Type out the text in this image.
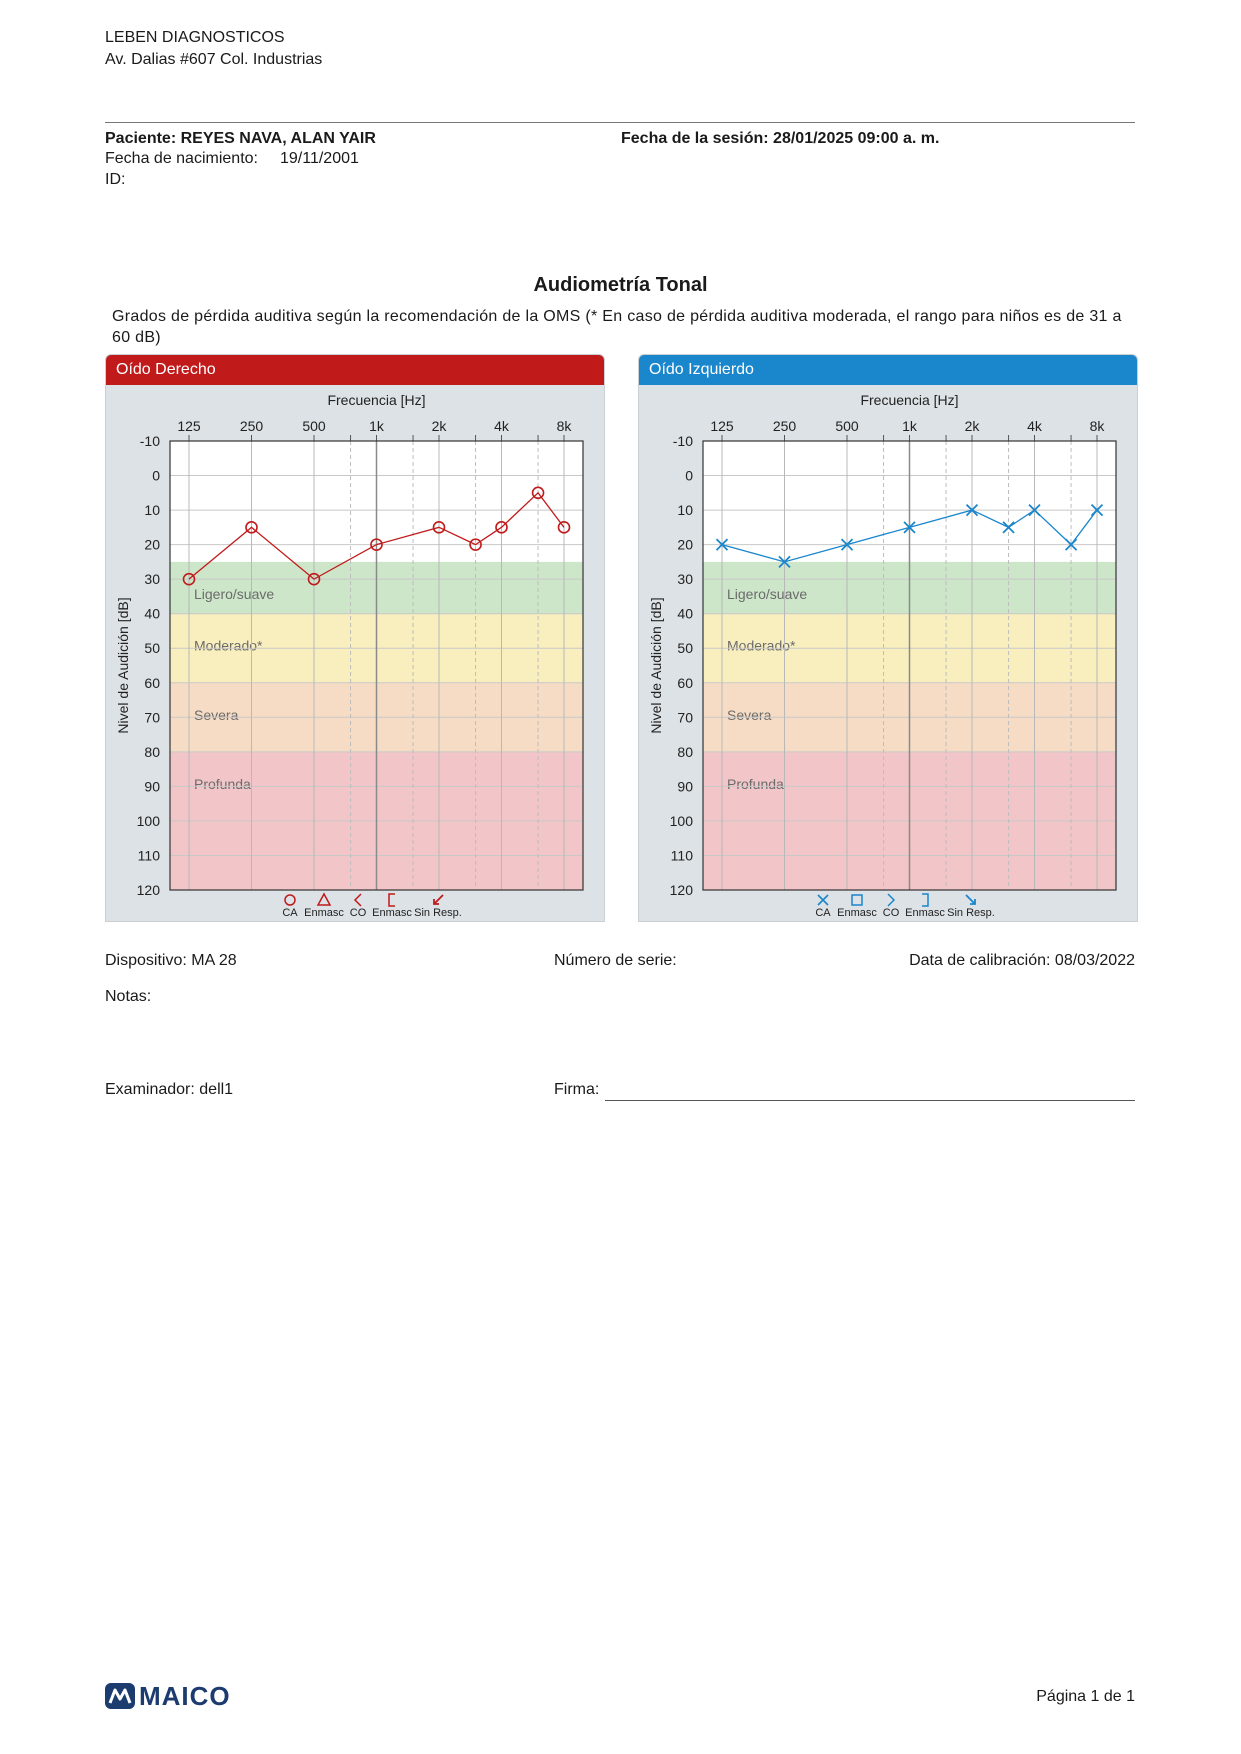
LEBEN DIAGNOSTICOS
Av. Dalias #607 Col. Industrias
Paciente: REYES NAVA, ALAN YAIR	Fecha de la sesión: 28/01/2025 09:00 a. m.
Fecha de nacimiento: 19/11/2001
ID:
Audiometría Tonal
Grados de pérdida auditiva según la recomendación de la OMS (* En caso de pérdida auditiva moderada, el rango para niños es de 31 a 60 dB)
Oído Derecho
Ligero/suave
Moderado*
Severa
Profunda
-10
0
10
20
30
40
50
60
70
80
90
100
110
120
125	250	500	1k	2k	4k	8k
Frecuencia [Hz]
Nivel de Audición [dB]
CA Enmasc CO Enmasc Sin Resp.
Oído Izquierdo
Ligero/suave
Moderado*
Severa
Profunda
-10
0
10
20
30
40
50
60
70
80
90
100
110
120
125	250	500	1k	2k	4k	8k
Frecuencia [Hz]
Nivel de Audición [dB]
CA Enmasc CO Enmasc Sin Resp.
Dispositivo: MA 28	Número de serie:	Data de calibración: 08/03/2022
Notas:
Examinador: dell1	Firma:
MAICO	Página 1 de 1
